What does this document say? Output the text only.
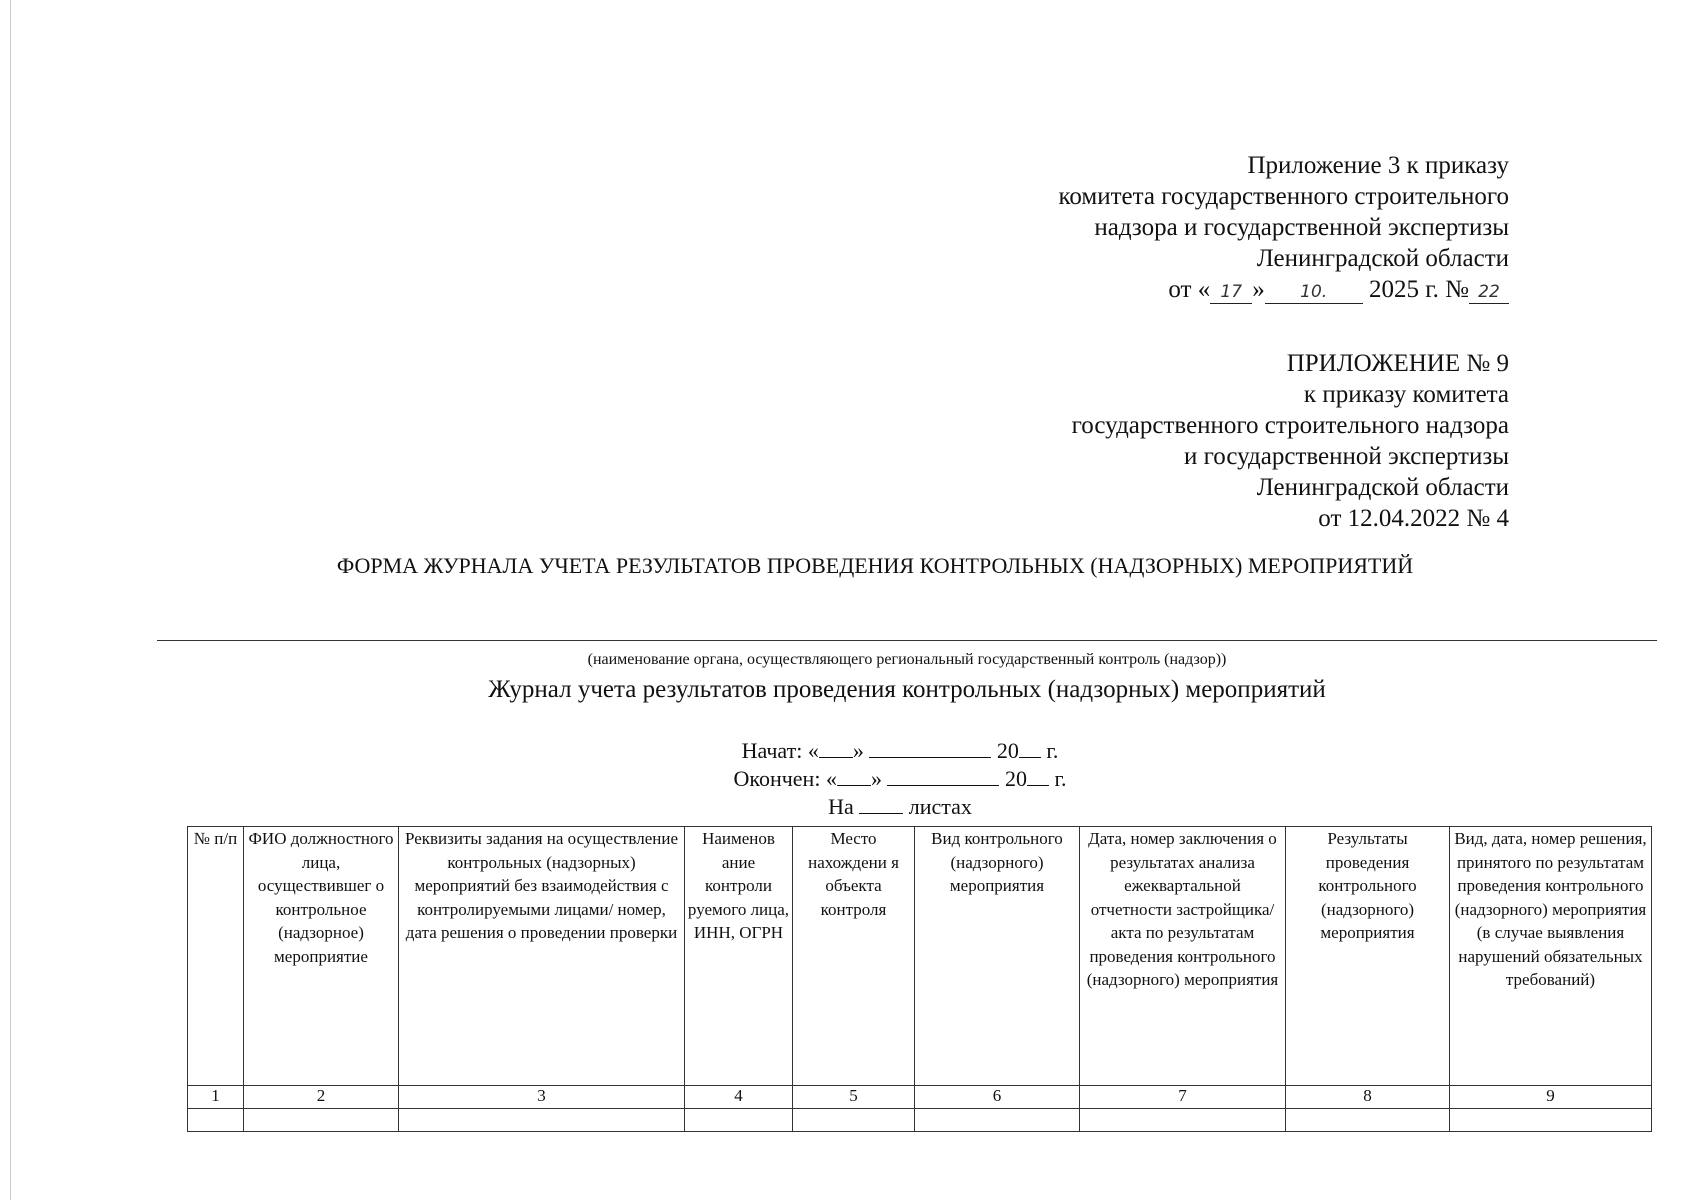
Приложение 3 к приказу
комитета государственного строительного
надзора и государственной экспертизы
Ленинградской области
от « 17 » 10. 2025 г. № 22
ПРИЛОЖЕНИЕ № 9
к приказу комитета
государственного строительного надзора
и государственной экспертизы
Ленинградской области
от 12.04.2022 № 4
ФОРМА ЖУРНАЛА УЧЕТА РЕЗУЛЬТАТОВ ПРОВЕДЕНИЯ КОНТРОЛЬНЫХ (НАДЗОРНЫХ) МЕРОПРИЯТИЙ
(наименование органа, осуществляющего региональный государственный контроль (надзор))
Журнал учета результатов проведения контрольных (надзорных) мероприятий
Начат: « »	20 г.
Окончен: « »	20 г.
На	листах
№ п/п	ФИО должностного лица, осуществившег о контрольное (надзорное) мероприятие	Реквизиты задания на осуществление контрольных (надзорных) мероприятий без взаимодействия с контролируемыми лицами/ номер, дата решения о проведении проверки	Наименов ание контроли руемого лица, ИНН, ОГРН	Место нахождени я объекта контроля	Вид контрольного (надзорного) мероприятия	Дата, номер заключения о результатах анализа ежеквартальной отчетности застройщика/акта по результатам проведения контрольного (надзорного) мероприятия	Результаты проведения контрольного (надзорного) мероприятия	Вид, дата, номер решения, принятого по результатам проведения контрольного (надзорного) мероприятия (в случае выявления нарушений обязательных требований)
1	2	3	4	5	6	7	8	9
